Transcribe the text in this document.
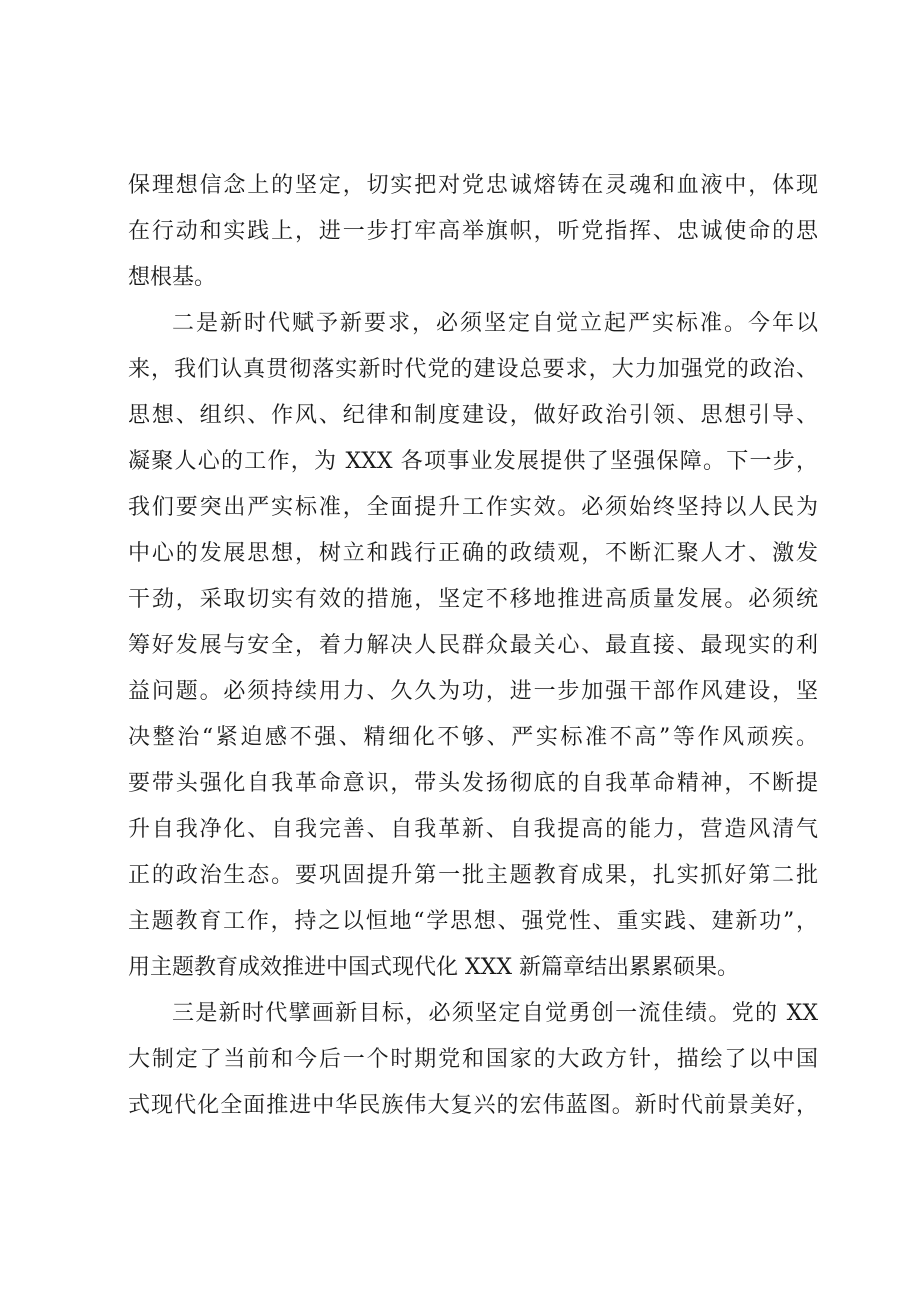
保理想信念上的坚定，切实把对党忠诚熔铸在灵魂和血液中，体现
在行动和实践上，进一步打牢高举旗帜，听党指挥、忠诚使命的思
想根基。
二是新时代赋予新要求，必须坚定自觉立起严实标准。今年以
来，我们认真贯彻落实新时代党的建设总要求，大力加强党的政治、
思想、组织、作风、纪律和制度建设，做好政治引领、思想引导、
凝聚人心的工作，为 XXX 各项事业发展提供了坚强保障。下一步，
我们要突出严实标准，全面提升工作实效。必须始终坚持以人民为
中心的发展思想，树立和践行正确的政绩观，不断汇聚人才、激发
干劲，采取切实有效的措施，坚定不移地推进高质量发展。必须统
筹好发展与安全，着力解决人民群众最关心、最直接、最现实的利
益问题。必须持续用力、久久为功，进一步加强干部作风建设，坚
决整治“紧迫感不强、精细化不够、严实标准不高”等作风顽疾。
要带头强化自我革命意识，带头发扬彻底的自我革命精神，不断提
升自我净化、自我完善、自我革新、自我提高的能力，营造风清气
正的政治生态。要巩固提升第一批主题教育成果，扎实抓好第二批
主题教育工作，持之以恒地“学思想、强党性、重实践、建新功”，
用主题教育成效推进中国式现代化 XXX 新篇章结出累累硕果。
三是新时代擘画新目标，必须坚定自觉勇创一流佳绩。党的 XX
大制定了当前和今后一个时期党和国家的大政方针，描绘了以中国
式现代化全面推进中华民族伟大复兴的宏伟蓝图。新时代前景美好，
